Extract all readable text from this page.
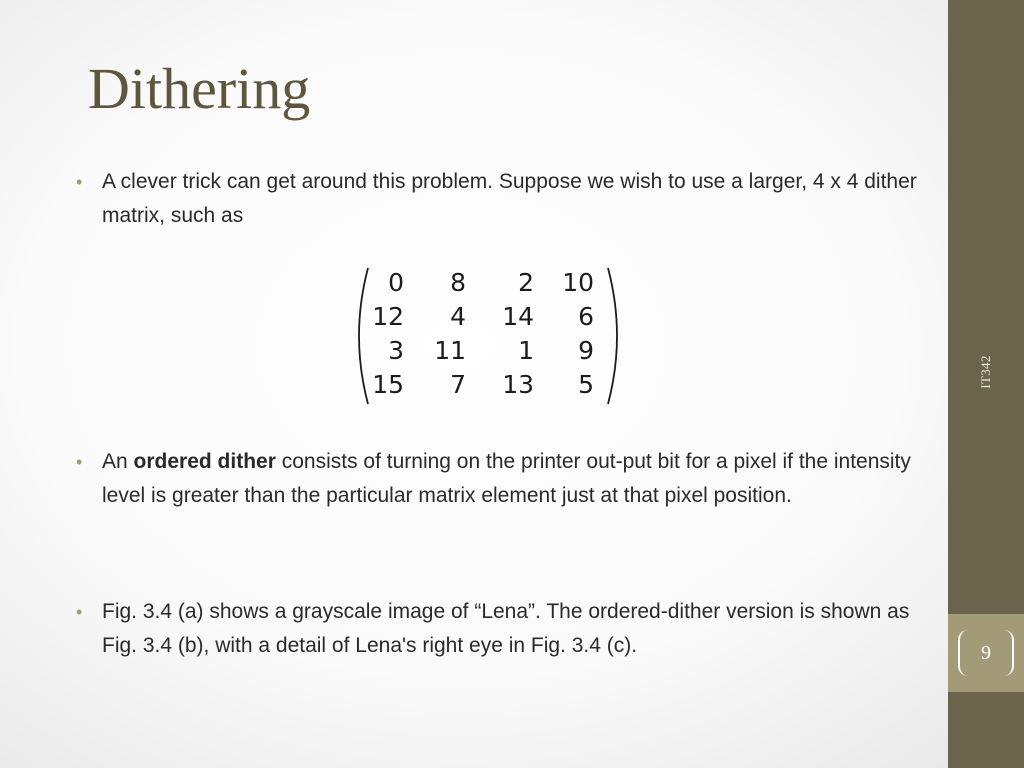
IT342
9
Dithering
• A clever trick can get around this problem. Suppose we wish to use a larger, 4 x 4 dither matrix, such as
0	8	2	10
12	4	14	6
3	11	1	9
15	7	13	5
• An ordered dither consists of turning on the printer out-put bit for a pixel if the intensity level is greater than the particular matrix element just at that pixel position.
• Fig. 3.4 (a) shows a grayscale image of “Lena”. The ordered-dither version is shown as Fig. 3.4 (b), with a detail of Lena's right eye in Fig. 3.4 (c).
